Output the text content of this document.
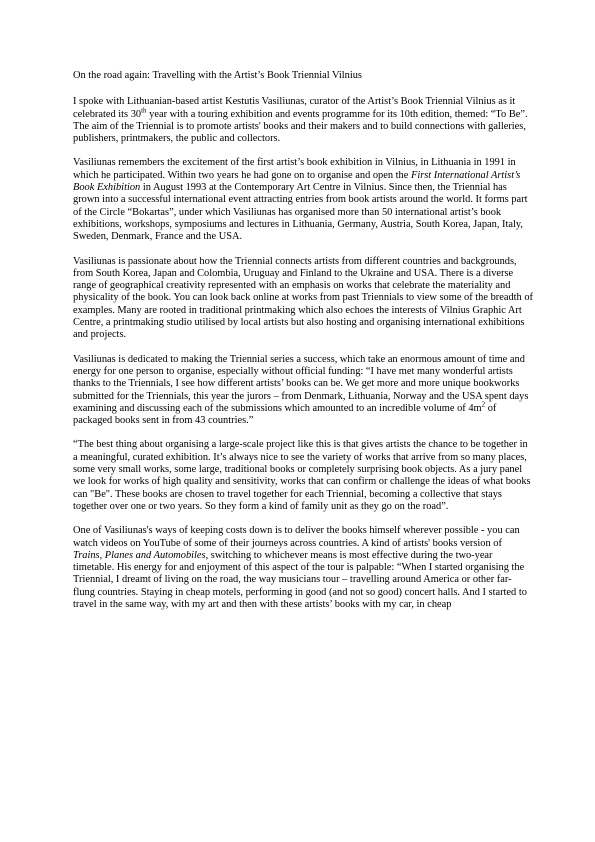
On the road again: Travelling with the Artist’s Book Triennial Vilnius

I spoke with Lithuanian-based artist Kestutis Vasiliunas, curator of the Artist’s Book Triennial Vilnius as it celebrated its 30th year with a touring exhibition and events programme for its 10th edition, themed: “To Be”. The aim of the Triennial is to promote artists' books and their makers and to build connections with galleries, publishers, printmakers, the public and collectors.

Vasiliunas remembers the excitement of the first artist’s book exhibition in Vilnius, in Lithuania in 1991 in which he participated. Within two years he had gone on to organise and open the First International Artist’s Book Exhibition in August 1993 at the Contemporary Art Centre in Vilnius. Since then, the Triennial has grown into a successful international event attracting entries from book artists around the world. It forms part of the Circle “Bokartas”, under which Vasiliunas has organised more than 50 international artist’s book exhibitions, workshops, symposiums and lectures in Lithuania, Germany, Austria, South Korea, Japan, Italy, Sweden, Denmark, France and the USA.

Vasiliunas is passionate about how the Triennial connects artists from different countries and backgrounds, from South Korea, Japan and Colombia, Uruguay and Finland to the Ukraine and USA. There is a diverse range of geographical creativity represented with an emphasis on works that celebrate the materiality and physicality of the book. You can look back online at works from past Triennials to view some of the breadth of examples. Many are rooted in traditional printmaking which also echoes the interests of Vilnius Graphic Art Centre, a printmaking studio utilised by local artists but also hosting and organising international exhibitions and projects.

Vasiliunas is dedicated to making the Triennial series a success, which take an enormous amount of time and energy for one person to organise, especially without official funding: “I have met many wonderful artists thanks to the Triennials, I see how different artists’ books can be. We get more and more unique bookworks submitted for the Triennials, this year the jurors – from Denmark, Lithuania, Norway and the USA spent days examining and discussing each of the submissions which amounted to an incredible volume of $4m^2$ of packaged books sent in from 43 countries.”

“The best thing about organising a large-scale project like this is that gives artists the chance to be together in a meaningful, curated exhibition. It’s always nice to see the variety of works that arrive from so many places, some very small works, some large, traditional books or completely surprising book objects. As a jury panel we look for works of high quality and sensitivity, works that can confirm or challenge the ideas of what books can "Be". These books are chosen to travel together for each Triennial, becoming a collective that stays together over one or two years. So they form a kind of family unit as they go on the road”.

One of Vasiliunas's ways of keeping costs down is to deliver the books himself wherever possible - you can watch videos on YouTube of some of their journeys across countries. A kind of artists' books version of Trains, Planes and Automobiles, switching to whichever means is most effective during the two-year timetable. His energy for and enjoyment of this aspect of the tour is palpable: “When I started organising the Triennial, I dreamt of living on the road, the way musicians tour – travelling around America or other far-flung countries. Staying in cheap motels, performing in good (and not so good) concert halls. And I started to travel in the same way, with my art and then with these artists’ books with my car, in cheap
